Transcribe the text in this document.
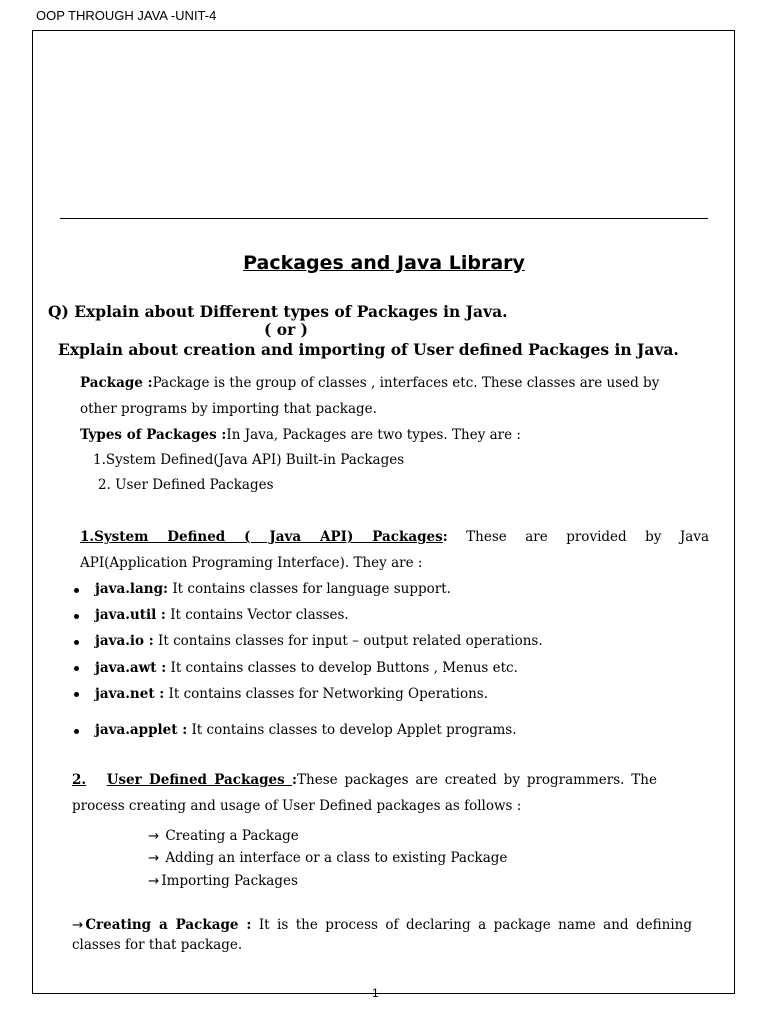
OOP THROUGH JAVA -UNIT-4
Packages and Java Library
Q) Explain about Different types of Packages in Java.
( or )
Explain about creation and importing of User defined Packages in Java.
Package :Package is the group of classes , interfaces etc. These classes are used by
other programs by importing that package.
Types of Packages :In Java, Packages are two types. They are :
1.System Defined(Java API) Built-in Packages
2. User Defined Packages
1.System Defined ( Java API) Packages: These are provided by Java
API(Application Programing Interface). They are :
java.lang: It contains classes for language support.
java.util : It contains Vector classes.
java.io : It contains classes for input – output related operations.
java.awt : It contains classes to develop Buttons , Menus etc.
java.net : It contains classes for Networking Operations.
java.applet : It contains classes to develop Applet programs.
2. User Defined Packages :These packages are created by programmers. The
process creating and usage of User Defined packages as follows :
→ Creating a Package
→ Adding an interface or a class to existing Package
→ Importing Packages
→ Creating a Package : It is the process of declaring a package name and defining
classes for that package.
1
